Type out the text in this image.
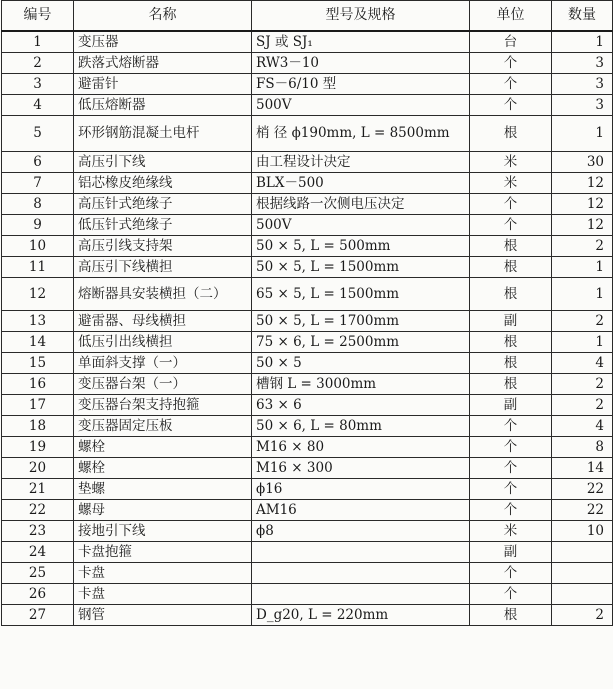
编号	名称	型号及规格	单位	数量
1	变压器	SJ 或 SJ₁	台	1
2	跌落式熔断器	RW3－10	个	3
3	避雷针	FS－6/10 型	个	3
4	低压熔断器	500V	个	3
5	环形钢筋混凝土电杆	梢 径 ϕ190mm, L = 8500mm	根	1
6	高压引下线	由工程设计决定	米	30
7	铝芯橡皮绝缘线	BLX－500	米	12
8	高压针式绝缘子	根据线路一次侧电压决定	个	12
9	低压针式绝缘子	500V	个	12
10	高压引线支持架	50 × 5, L = 500mm	根	2
11	高压引下线横担	50 × 5, L = 1500mm	根	1
12	熔断器具安装横担（二）	65 × 5, L = 1500mm	根	1
13	避雷器、母线横担	50 × 5, L = 1700mm	副	2
14	低压引出线横担	75 × 6, L = 2500mm	根	1
15	单面斜支撑（一）	50 × 5	根	4
16	变压器台架（一）	槽钢 L = 3000mm	根	2
17	变压器台架支持抱箍	63 × 6	副	2
18	变压器固定压板	50 × 6, L = 80mm	个	4
19	螺栓	M16 × 80	个	8
20	螺栓	M16 × 300	个	14
21	垫螺	ϕ16	个	22
22	螺母	AM16	个	22
23	接地引下线	ϕ8	米	10
24	卡盘抱箍		副	
25	卡盘		个	
26	卡盘		个	
27	钢管	D_g20, L = 220mm	根	2
